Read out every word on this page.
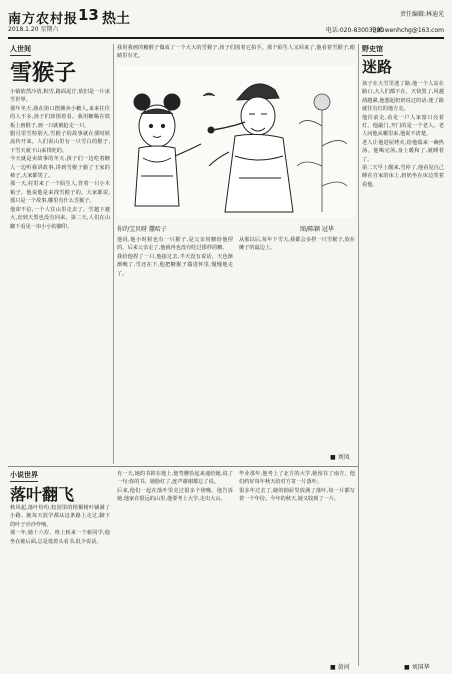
南方农村报 13 热土
2018.1.20 星期六
责任编辑:林迪光
电话:020-83003390
电邮:wenhchg@163.com
人世间
雪猴子

小镇依然冷清,积雪,路面泥泞,依旧是一片冰雪世界。

那年冬天,我在街口摆摊卖小糖人,来来往往的人不多,孩子们却围着看。我用糖稀在铁板上画猴子,画一只就被抢走一只。

腊月里雪特别大,雪猴子的故事就在那时候流传开来。人们说山里有一只雪白的猴子,下雪天就下山来找吃的。

今天就是卖故事的冬天,孩子们一边吃着糖人一边听我讲故事,讲到雪猴子偷了王家的柿子,大家都笑了。

那一天,村里来了一个陌生人,背着一只小木箱子。他说他是来找雪猴子的。大家都说,那只是一个故事,哪里有什么雪猴子。

他却不信,一个人往山里走去了。雪越下越大,直到天黑也没有回来。第二天,人们在山脚下看见一串小小的脚印。

我用我画的糖猴子做成了一个大大的雪猴子,孩子们围着它拍手。那个陌生人又回来了,他看着雪猴子,眼睛里有光。

你的宝贝呀 撒哈子	图/陈颖 冠华

他说,他小时候也有一只猴子,是父亲用糖给他捏的。后来父亲走了,他就再也没有吃过那样的糖。

我给他捏了一只,他接过去,半天没有说话。天色渐渐晚了,雪还在下,他把糖猴子揣进怀里,慢慢地走了。

从那以后,每年下雪天,我都会多捏一只雪猴子,放在摊子的最边上。

■ 刘凤
野史馆
迷路

孩子在大雪里迷了路,他一个人站在路口,大人们都不在。天快黑了,风越刮越紧,他想起奶奶说过的话:迷了路就往有灯的地方走。

他往前走,看见一户人家窗口亮着灯。他敲门,开门的是一个老人。老人问他从哪里来,他说不清楚。

老人让他进屋烤火,给他端来一碗热汤。他喝完汤,身上暖和了,就睡着了。

第二天早上醒来,雪停了,他看见自己睡在自家的床上,奶奶坐在床边笑着看他。

■ 刘国华
小说世界
落叶翻飞

秋风起,落叶纷纷,校园里的梧桐树叶铺满了小路。她每天放学都从这条路上走过,脚下的叶子沙沙作响。

那一年,她十六岁。班上转来一个新同学,他坐在她后面,总是低着头看书,很少说话。

有一天,她的书掉在地上,他弯腰捡起来递给她,说了一句:你的书。她脸红了,连声谢谢都忘了说。

后来,他们一起在落叶里走过很多个傍晚。他告诉她,他家在很远的山里,他要考上大学,走出大山。

毕业那年,他考上了北方的大学,她留在了南方。他们约好每年秋天给对方寄一片落叶。

很多年过去了,她的抽屉里放满了落叶,每一片都写着一个年份。今年的秋天,她又收到了一片。

■ 黄河
